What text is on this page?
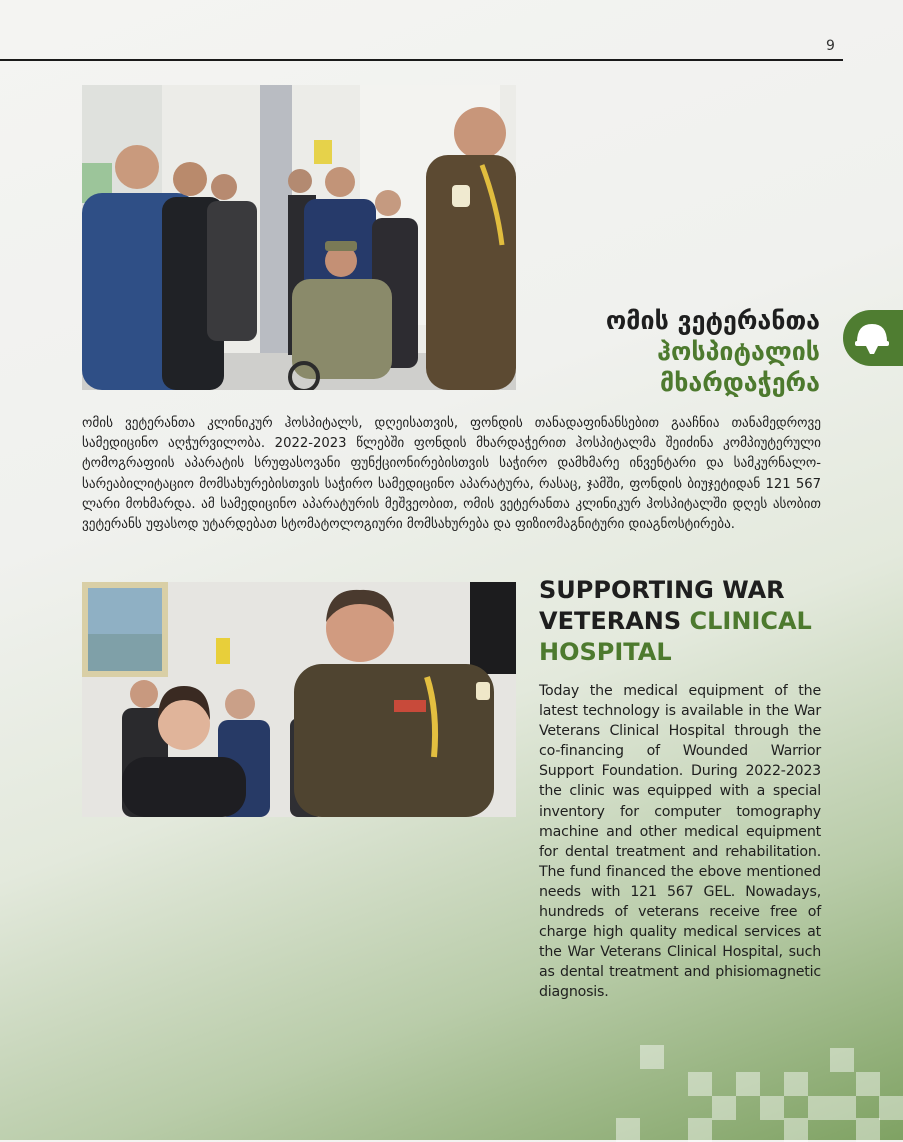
9
ომის ვეტერანთა
ჰოსპიტალის
მხარდაჭერა
ომის ვეტერანთა კლინიკურ ჰოსპიტალს, დღეისათვის, ფონდის თანადაფინანსებით გააჩნია თანამედროვე სამედიცინო აღჭურვილობა. 2022-2023 წლებში ფონდის მხარდაჭერით ჰოსპიტალმა შეიძინა კომპიუტერული ტომოგრაფიის აპარატის სრუფასოვანი ფუნქციონირებისთვის საჭირო დამხმარე ინვენტარი და სამკურნალო-სარეაბილიტაციო მომსახურებისთვის საჭირო სამედიცინო აპარატურა, რასაც, ჯამში, ფონდის ბიუჯეტიდან 121 567 ლარი მოხმარდა. ამ სამედიცინო აპარატურის მეშვეობით, ომის ვეტერანთა კლინიკურ ჰოსპიტალში დღეს ასობით ვეტერანს უფასოდ უტარდებათ სტომატოლოგიური მომსახურება და ფიზიომაგნიტური დიაგნოსტირება.
SUPPORTING WAR VETERANS CLINICAL HOSPITAL
Today the medical equipment of the latest technology is available in the War Veterans Clinical Hospital through the co-financing of Wounded Warrior Support Foundation. During 2022-2023 the clinic was equipped with a special inventory for computer tomography machine and other medical equipment for dental treatment and rehabilitation. The fund financed the ebove mentioned needs with 121 567 GEL. Nowadays, hundreds of veterans receive free of charge high quality medical services at the War Veterans Clinical Hospital, such as dental treatment and phisiomagnetic diagnosis.
